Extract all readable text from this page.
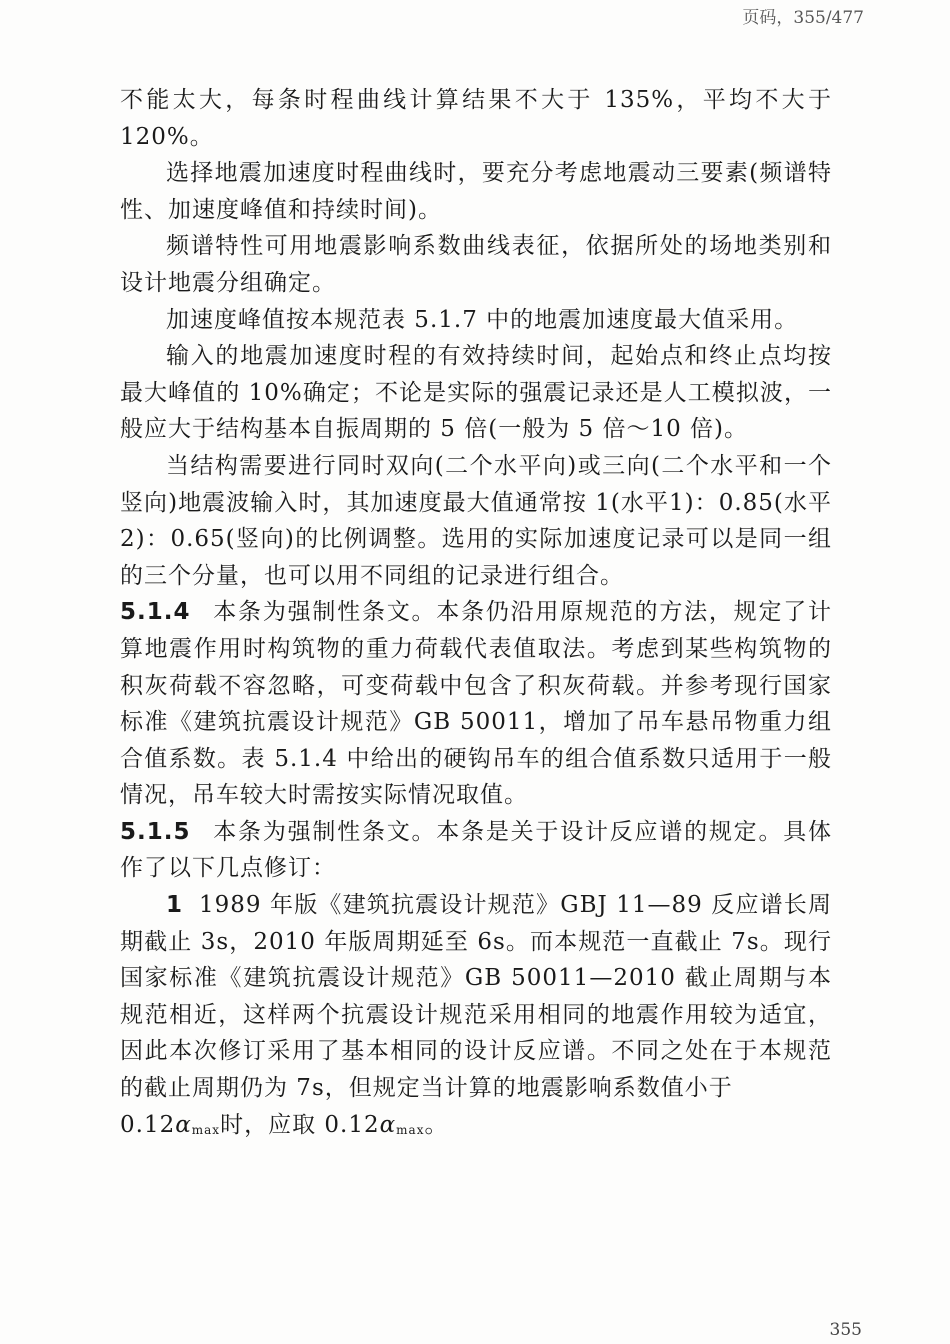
页码，355/477

不能太大，每条时程曲线计算结果不大于 135%，平均不大于 120%。

选择地震加速度时程曲线时，要充分考虑地震动三要素(频谱特性、加速度峰值和持续时间)。

频谱特性可用地震影响系数曲线表征，依据所处的场地类别和设计地震分组确定。

加速度峰值按本规范表 5.1.7 中的地震加速度最大值采用。

输入的地震加速度时程的有效持续时间，起始点和终止点均按最大峰值的 10%确定；不论是实际的强震记录还是人工模拟波，一般应大于结构基本自振周期的 5 倍(一般为 5 倍～10 倍)。

当结构需要进行同时双向(二个水平向)或三向(二个水平和一个竖向)地震波输入时，其加速度最大值通常按 1(水平1)：0.85(水平2)：0.65(竖向)的比例调整。选用的实际加速度记录可以是同一组的三个分量，也可以用不同组的记录进行组合。

5.1.4 本条为强制性条文。本条仍沿用原规范的方法，规定了计算地震作用时构筑物的重力荷载代表值取法。考虑到某些构筑物的积灰荷载不容忽略，可变荷载中包含了积灰荷载。并参考现行国家标准《建筑抗震设计规范》GB 50011，增加了吊车悬吊物重力组合值系数。表 5.1.4 中给出的硬钩吊车的组合值系数只适用于一般情况，吊车较大时需按实际情况取值。

5.1.5 本条为强制性条文。本条是关于设计反应谱的规定。具体作了以下几点修订：

1 1989 年版《建筑抗震设计规范》GBJ 11—89 反应谱长周期截止 3s，2010 年版周期延至 6s。而本规范一直截止 7s。现行国家标准《建筑抗震设计规范》GB 50011—2010 截止周期与本规范相近，这样两个抗震设计规范采用相同的地震作用较为适宜，因此本次修订采用了基本相同的设计反应谱。不同之处在于本规范的截止周期仍为 7s，但规定当计算的地震影响系数值小于
0.12αmax时，应取 0.12αmax。

355
